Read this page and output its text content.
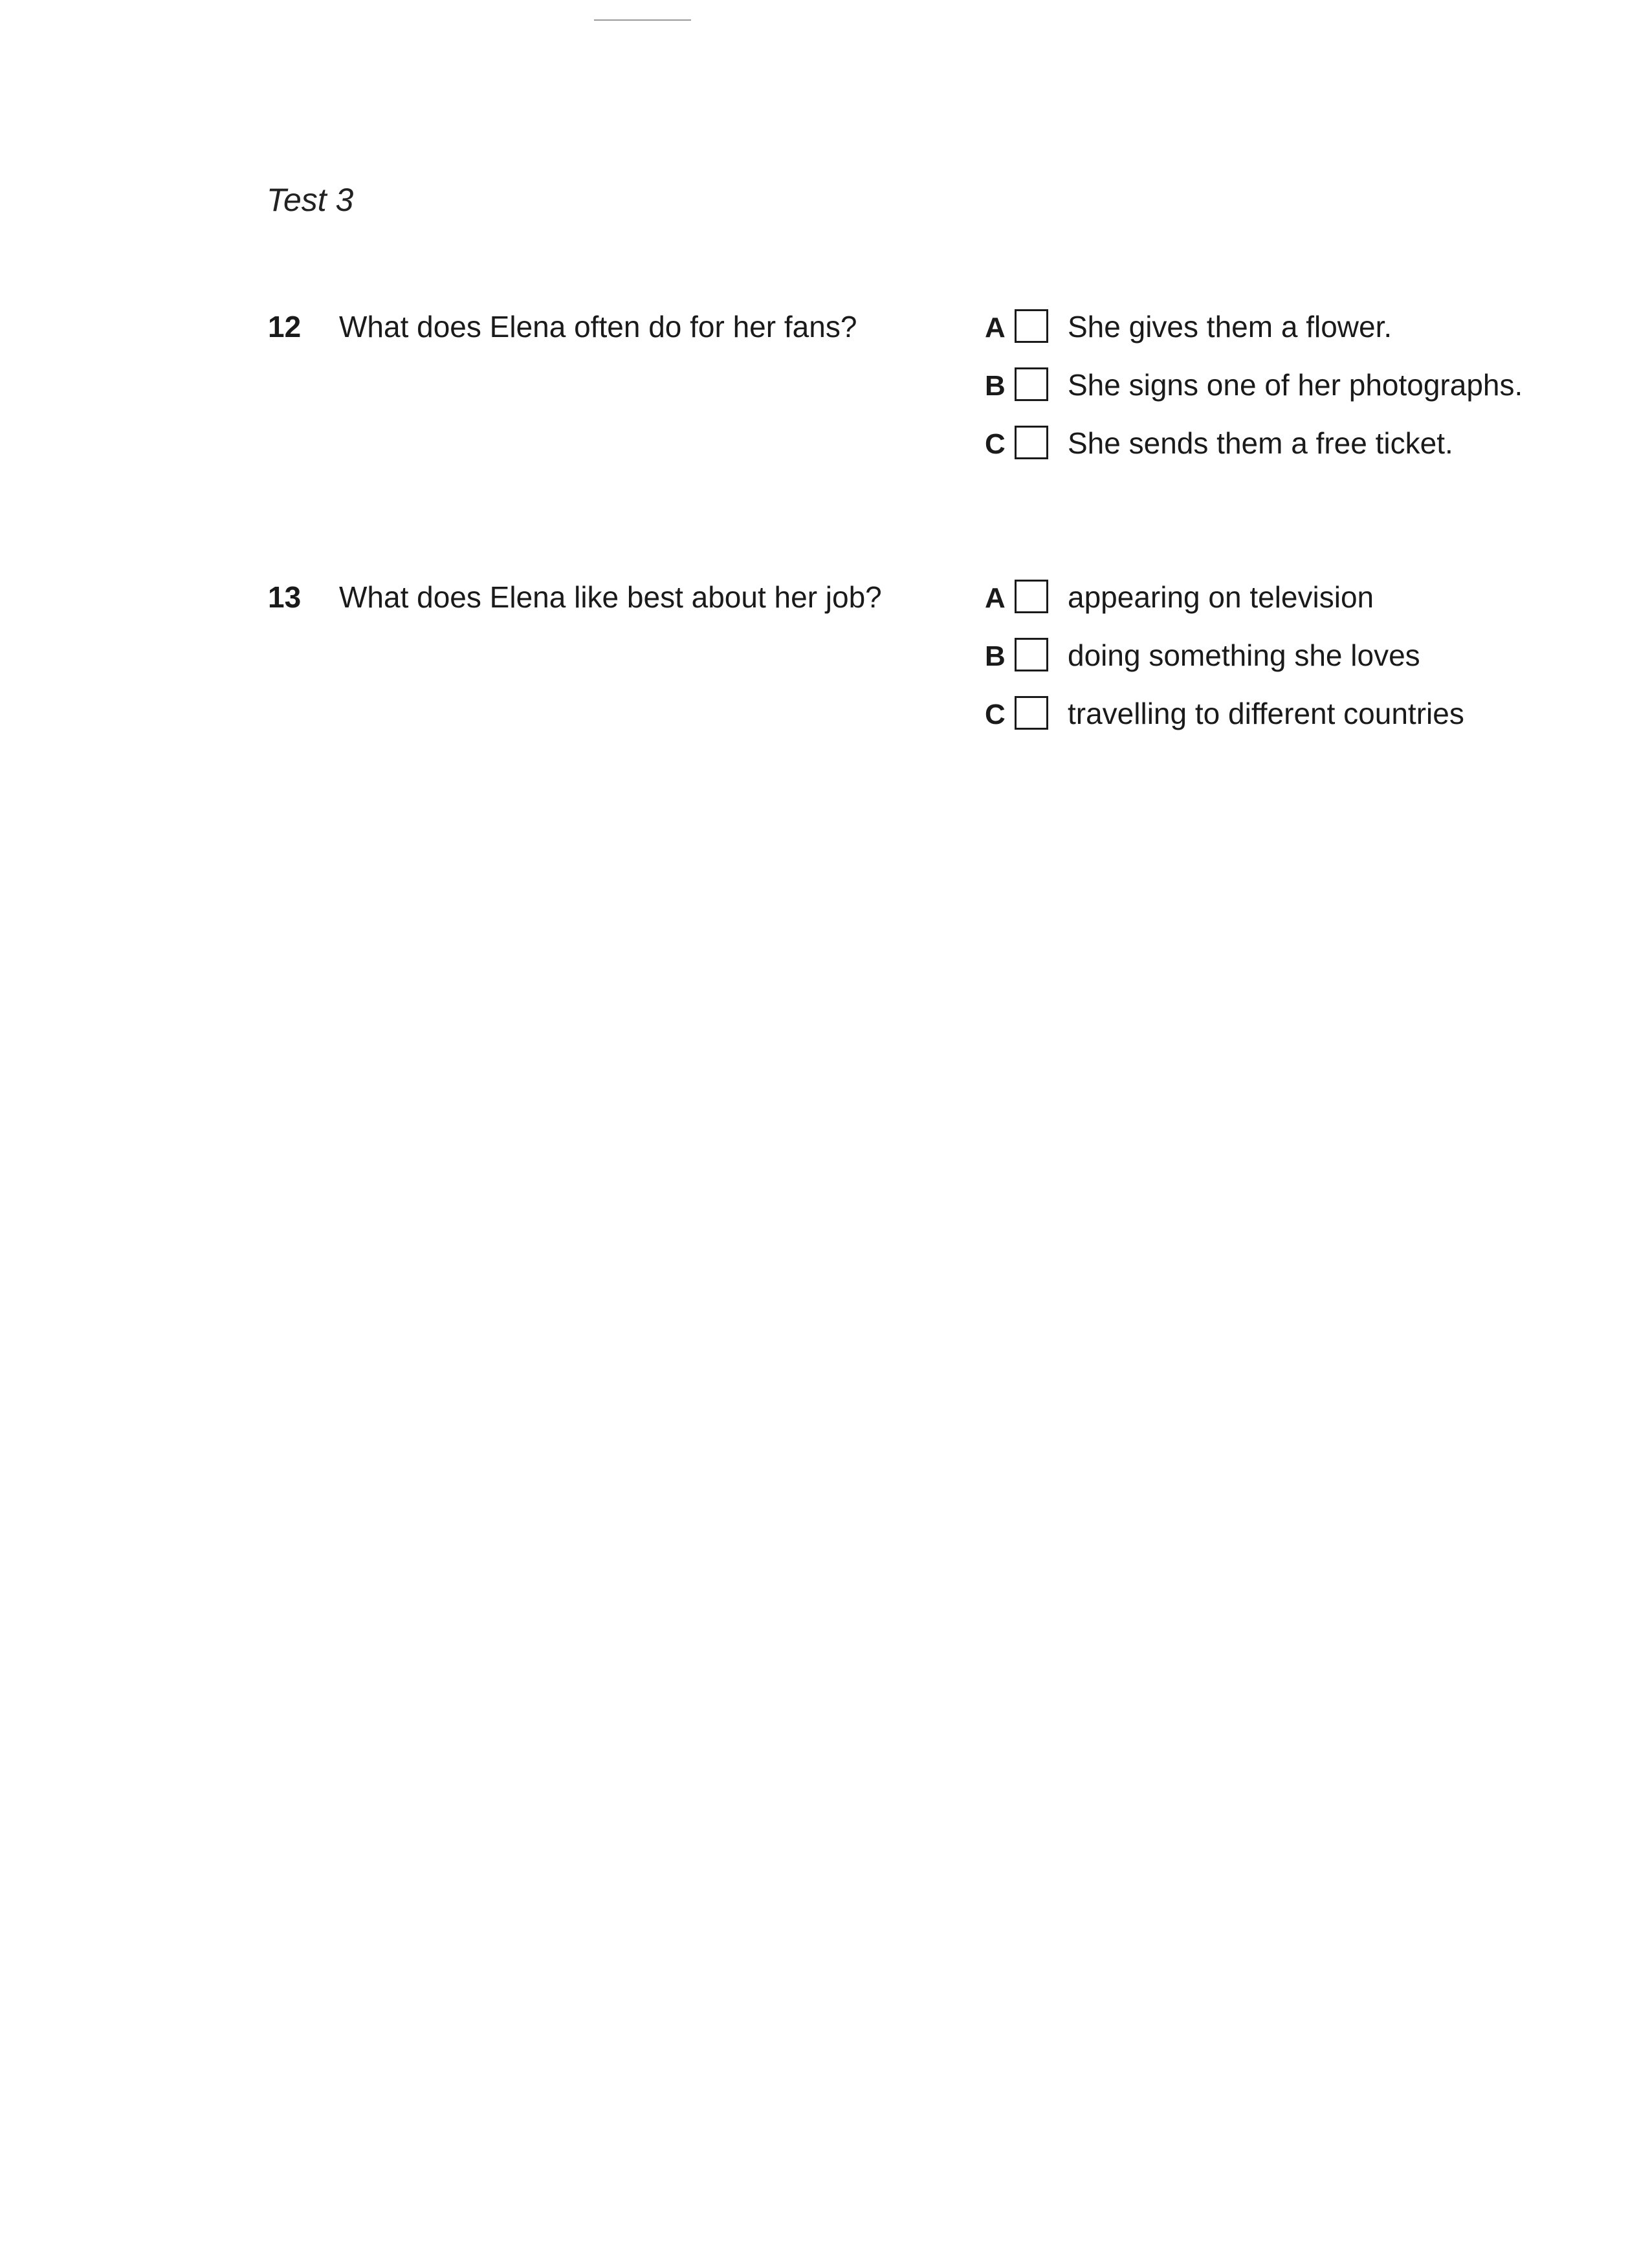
Test 3
12 What does Elena often do for her fans?	A She gives them a flower.
B She signs one of her photographs.
C She sends them a free ticket.
13 What does Elena like best about her job?	A appearing on television
B doing something she loves
C travelling to different countries
